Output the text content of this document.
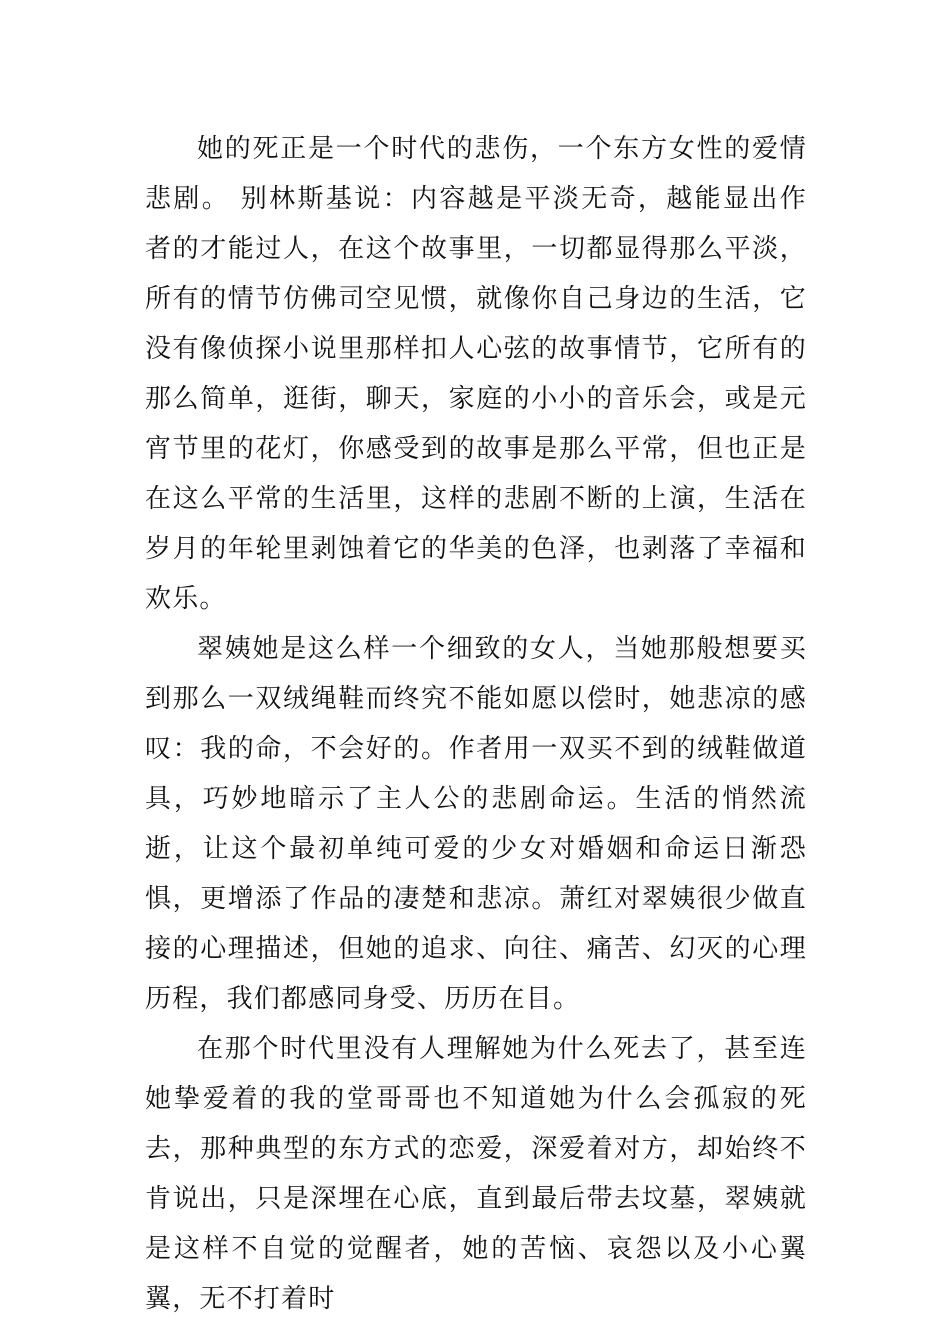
她的死正是一个时代的悲伤，一个东方女性的爱情悲剧。 别林斯基说：内容越是平淡无奇，越能显出作者的才能过人，在这个故事里，一切都显得那么平淡，所有的情节仿佛司空见惯，就像你自己身边的生活，它没有像侦探小说里那样扣人心弦的故事情节，它所有的那么简单，逛街，聊天，家庭的小小的音乐会，或是元宵节里的花灯，你感受到的故事是那么平常，但也正是在这么平常的生活里，这样的悲剧不断的上演，生活在岁月的年轮里剥蚀着它的华美的色泽，也剥落了幸福和欢乐。

翠姨她是这么样一个细致的女人，当她那般想要买到那么一双绒绳鞋而终究不能如愿以偿时，她悲凉的感叹：我的命，不会好的。作者用一双买不到的绒鞋做道具，巧妙地暗示了主人公的悲剧命运。生活的悄然流逝，让这个最初单纯可爱的少女对婚姻和命运日渐恐惧，更增添了作品的凄楚和悲凉。萧红对翠姨很少做直接的心理描述，但她的追求、向往、痛苦、幻灭的心理历程，我们都感同身受、历历在目。

在那个时代里没有人理解她为什么死去了，甚至连她挚爱着的我的堂哥哥也不知道她为什么会孤寂的死去，那种典型的东方式的恋爱，深爱着对方，却始终不肯说出，只是深埋在心底，直到最后带去坟墓，翠姨就是这样不自觉的觉醒者，她的苦恼、哀怨以及小心翼翼，无不打着时
